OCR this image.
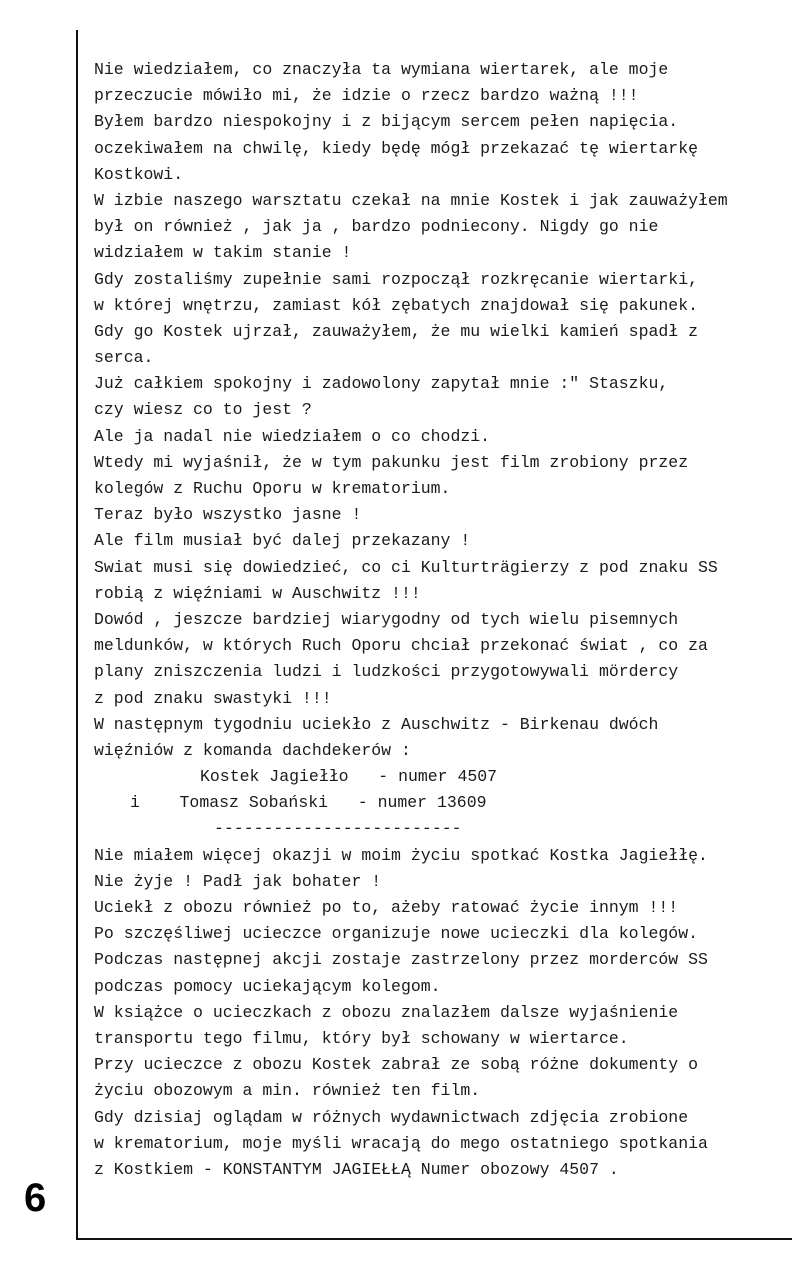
6
Nie wiedziałem, co znaczyła ta wymiana wiertarek, ale moje
przeczucie mówiło mi, że idzie o rzecz bardzo ważną !!!
Byłem bardzo niespokojny i z bijącym sercem pełen napięcia.
oczekiwałem na chwilę, kiedy będę mógł przekazać tę wiertarkę
Kostkowi.
W izbie naszego warsztatu czekał na mnie Kostek i jak zauważyłem
był on również , jak ja , bardzo podniecony. Nigdy go nie
widziałem w takim stanie !
Gdy zostaliśmy zupełnie sami rozpoczął rozkręcanie wiertarki,
w której wnętrzu, zamiast kół zębatych znajdował się pakunek.
Gdy go Kostek ujrzał, zauważyłem, że mu wielki kamień spadł z
serca.
Już całkiem spokojny i zadowolony zapytał mnie :" Staszku,
czy wiesz co to jest ?
Ale ja nadal nie wiedziałem o co chodzi.
Wtedy mi wyjaśnił, że w tym pakunku jest film zrobiony przez
kolegów z Ruchu Oporu w krematorium.
Teraz było wszystko jasne !
Ale film musiał być dalej przekazany !
Swiat musi się dowiedzieć, co ci Kulturträgierzy z pod znaku SS
robią z więźniami w Auschwitz !!!
Dowód , jeszcze bardziej wiarygodny od tych wielu pisemnych
meldunków, w których Ruch Oporu chciał przekonać świat , co za
plany zniszczenia ludzi i ludzkości przygotowywali mördercy
z pod znaku swastyki !!!
W następnym tygodniu uciekło z Auschwitz - Birkenau dwóch
więźniów z komanda dachdekerów :
Kostek Jagiełło - numer 4507
i Tomasz Sobański - numer 13609
-------------------------
Nie miałem więcej okazji w moim życiu spotkać Kostka Jagiełłę.
Nie żyje ! Padł jak bohater !
Uciekł z obozu również po to, ażeby ratować życie innym !!!
Po szczęśliwej ucieczce organizuje nowe ucieczki dla kolegów.
Podczas następnej akcji zostaje zastrzelony przez morderców SS
podczas pomocy uciekającym kolegom.
W książce o ucieczkach z obozu znalazłem dalsze wyjaśnienie
transportu tego filmu, który był schowany w wiertarce.
Przy ucieczce z obozu Kostek zabrał ze sobą różne dokumenty o
życiu obozowym a min. również ten film.
Gdy dzisiaj oglądam w różnych wydawnictwach zdjęcia zrobione
w krematorium, moje myśli wracają do mego ostatniego spotkania
z Kostkiem - KONSTANTYM JAGIEŁŁĄ Numer obozowy 4507 .
